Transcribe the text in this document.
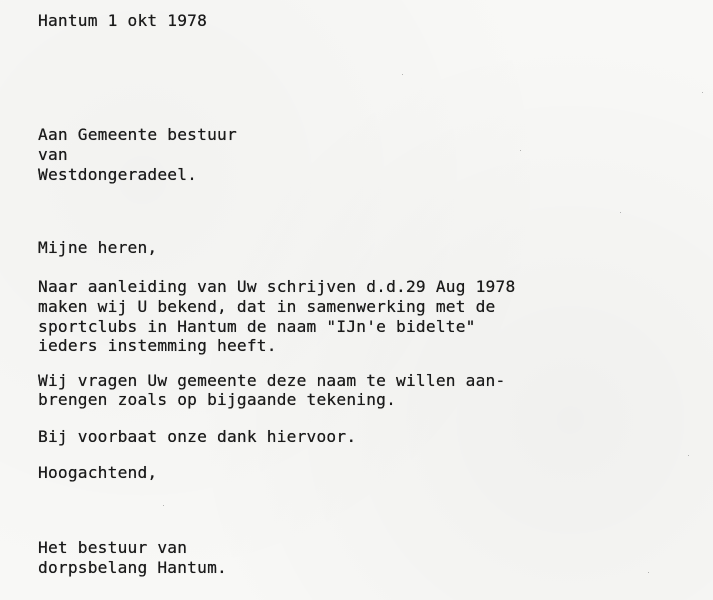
Hantum 1 okt 1978

Aan Gemeente bestuur

van

Westdongeradeel.

Mijne heren,

Naar aanleiding van Uw schrijven d.d.29 Aug 1978

maken wij U bekend, dat in samenwerking met de

sportclubs in Hantum de naam "IJn'e bidelte"

ieders instemming heeft.

Wij vragen Uw gemeente deze naam te willen aan-

brengen zoals op bijgaande tekening.

Bij voorbaat onze dank hiervoor.

Hoogachtend,

Het bestuur van

dorpsbelang Hantum.
